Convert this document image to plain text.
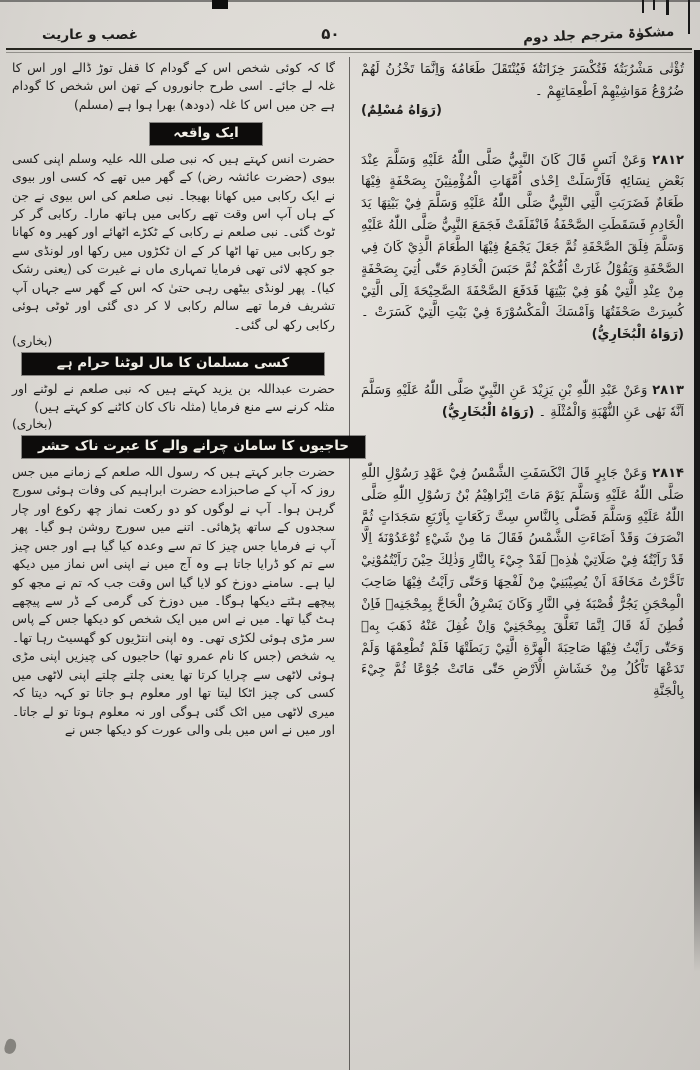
غصب و عاریت	۵۰	مشکوٰۃ مترجم جلد دوم

گا کہ کوئی شخص اس کے گودام کا قفل توڑ ڈالے اور اس کا غلہ لے جائے۔ اسی طرح جانوروں کے تھن اس شخص کا گودام ہے جن میں اس کا غلہ (دودھ) بھرا ہوا ہے (مسلم)

تُؤْتٰى مَشْرُبَتُهٗ فَتُكْسَرَ خِزَانَتُهٗ فَيُنْتَقَلَ طَعَامُهٗ وَاِنَّمَا تَخْزُنُ لَهُمْ ضُرُوْعُ مَوَاشِيْهِمْ اَطْعِمَاتِهِمْ ۔

(رَوَاهُ مُسْلِمٌ)
ایک واقعہ

حضرت انس کہتے ہیں کہ نبی صلی اللہ علیہ وسلم اپنی کسی بیوی (حضرت عائشہ رض) کے گھر میں تھے کہ کسی اور بیوی نے ایک رکابی میں کھانا بھیجا۔ نبی صلعم کی اس بیوی نے جن کے ہاں آپ اس وقت تھے رکابی میں ہاتھ مارا۔ رکابی گر کر ٹوٹ گئی۔ نبی صلعم نے رکابی کے ٹکڑے اٹھائے اور کھیر وہ کھانا جو رکابی میں تھا اٹھا کر کے ان ٹکڑوں میں رکھا اور لونڈی سے جو کچھ لائی تھی فرمایا تمہاری ماں نے غیرت کی (یعنی رشک کیا)۔ پھر لونڈی بیٹھی رہی حتیٰ کہ اس کے گھر سے جہاں آپ تشریف فرما تھے سالم رکابی لا کر دی گئی اور ٹوٹی ہوئی رکابی رکھ لی گئی۔

(بخاری)

۲۸۱۲ وَعَنْ اَنَسٍ قَالَ كَانَ النَّبِيُّ صَلَّى اللّٰهُ عَلَيْهِ وَسَلَّمَ عِنْدَ بَعْضِ نِسَائِهٖ فَاَرْسَلَتْ اِحْدٰى اُمَّهَاتِ الْمُؤْمِنِيْنَ بِصَحْفَةٍ فِيْهَا طَعَامٌ فَضَرَبَتِ الَّتِي النَّبِيُّ صَلَّى اللّٰهُ عَلَيْهِ وَسَلَّمَ فِيْ بَيْتِهَا يَدَ الْخَادِمِ فَسَقَطَتِ الصَّحْفَةُ فَانْفَلَقَتْ فَجَمَعَ النَّبِيُّ صَلَّى اللّٰهُ عَلَيْهِ وَسَلَّمَ فِلَقَ الصَّحْفَةِ ثُمَّ جَعَلَ يَجْمَعُ فِيْهَا الطَّعَامَ الَّذِيْ كَانَ فِي الصَّحْفَةِ وَيَقُوْلُ غَارَتْ اُمُّكُمْ ثُمَّ حَبَسَ الْخَادِمَ حَتّٰى اُتِيَ بِصَحْفَةٍ مِنْ عِنْدِ الَّتِيْ هُوَ فِيْ بَيْتِهَا فَدَفَعَ الصَّحْفَةَ الصَّحِيْحَةَ اِلَى الَّتِيْ كُسِرَتْ صَحْفَتُهَا وَاَمْسَكَ الْمَكْسُوْرَةَ فِيْ بَيْتِ الَّتِيْ كَسَرَتْ ۔ (رَوَاهُ الْبُخَارِيُّ)

کسی مسلمان کا مال لوٹنا حرام ہے

حضرت عبداللہ بن یزید کہتے ہیں کہ نبی صلعم نے لوٹنے اور مثلہ کرنے سے منع فرمایا (مثلہ ناک کان کاٹنے کو کہتے ہیں)

(بخاری)

۲۸۱۳ وَعَنْ عَبْدِ اللّٰهِ بْنِ يَزِيْدَ عَنِ النَّبِيِّ صَلَّى اللّٰهُ عَلَيْهِ وَسَلَّمَ اَنَّهٗ نَهٰى عَنِ النُّهْبَةِ وَالْمُثْلَةِ ۔ (رَوَاهُ الْبُخَارِيُّ)

حاجیوں کا سامان چرانے والے کا عبرت ناک حشر

حضرت جابر کہتے ہیں کہ رسول اللہ صلعم کے زمانے میں جس روز کہ آپ کے صاحبزادے حضرت ابراہیم کی وفات ہوئی سورج گرہن ہوا۔ آپ نے لوگوں کو دو رکعت نماز چھ رکوع اور چار سجدوں کے ساتھ پڑھائی۔ اتنے میں سورج روشن ہو گیا۔ پھر آپ نے فرمایا جس چیز کا تم سے وعدہ کیا گیا ہے اور جس چیز سے تم کو ڈرایا جاتا ہے وہ آج میں نے اپنی اس نماز میں دیکھ لیا ہے۔ سامنے دوزخ کو لایا گیا اس وقت جب کہ تم نے مجھ کو پیچھے ہٹتے دیکھا ہوگا۔ میں دوزخ کی گرمی کے ڈر سے پیچھے ہٹ گیا تھا۔ میں نے اس میں ایک شخص کو دیکھا جس کے پاس سر مڑی ہوئی لکڑی تھی۔ وہ اپنی انتڑیوں کو گھسیٹ رہا تھا۔ یہ شخص (جس کا نام عمرو تھا) حاجیوں کی چیزیں اپنی مڑی ہوئی لاٹھی سے چرایا کرتا تھا یعنی چلتے چلتے اپنی لاٹھی میں کسی کی چیز اٹکا لیتا تھا اور معلوم ہو جاتا تو کہہ دیتا کہ میری لاٹھی میں اٹک گئی ہوگی اور نہ معلوم ہوتا تو لے جاتا۔ اور میں نے اس میں بلی والی عورت کو دیکھا جس نے

۲۸۱۴ وَعَنْ جَابِرٍ قَالَ انْكَسَفَتِ الشَّمْسُ فِيْ عَهْدِ رَسُوْلِ اللّٰهِ صَلَّى اللّٰهُ عَلَيْهِ وَسَلَّمَ يَوْمَ مَاتَ اِبْرَاهِيْمُ بْنُ رَسُوْلِ اللّٰهِ صَلَّى اللّٰهُ عَلَيْهِ وَسَلَّمَ فَصَلّٰى بِالنَّاسِ سِتَّ رَكَعَاتٍ بِاَرْبَعِ سَجَدَاتٍ ثُمَّ انْصَرَفَ وَقَدْ اَضَاءَتِ الشَّمْسُ فَقَالَ مَا مِنْ شَيْءٍ تُوْعَدُوْنَهٗ اِلَّا قَدْ رَاَيْتُهٗ فِيْ صَلَاتِيْ هٰذِهٖ لَقَدْ جِيْءَ بِالنَّارِ وَذٰلِكَ حِيْنَ رَاَيْتُمُوْنِيْ تَاَخَّرْتُ مَخَافَةَ اَنْ يُصِيْبَنِيْ مِنْ لَفْحِهَا وَحَتّٰى رَاَيْتُ فِيْهَا صَاحِبَ الْمِحْجَنِ يَجُرُّ قُصْبَهٗ فِي النَّارِ وَكَانَ يَسْرِقُ الْحَاجَّ بِمِحْجَنِهٖ فَاِنْ فُطِنَ لَهٗ قَالَ اِنَّمَا تَعَلَّقَ بِمِحْجَنِيْ وَاِنْ غُفِلَ عَنْهُ ذَهَبَ بِهٖ وَحَتّٰى رَاَيْتُ فِيْهَا صَاحِبَةَ الْهِرَّةِ الَّتِيْ رَبَطَتْهَا فَلَمْ تُطْعِمْهَا وَلَمْ تَدَعْهَا تَاْكُلُ مِنْ خَشَاشِ الْاَرْضِ حَتّٰى مَاتَتْ جُوْعًا ثُمَّ جِيْءَ بِالْجَنَّةِ
